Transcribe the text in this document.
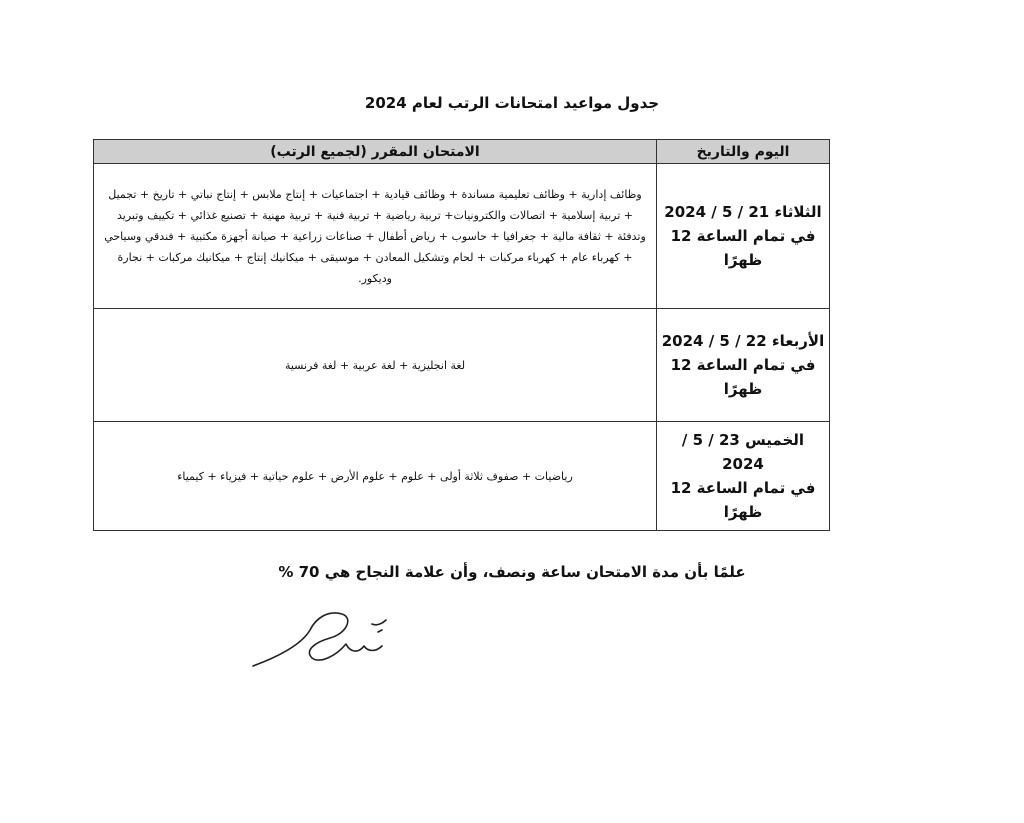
جدول مواعيد امتحانات الرتب لعام 2024
اليوم والتاريخ	الامتحان المقرر (لجميع الرتب)

الثلاثاء 21 / 5 / 2024
في تمام الساعة 12 ظهرًا	وظائف إدارية + وظائف تعليمية مساندة + وظائف قيادية + اجتماعيات + إنتاج ملابس + إنتاج نباتي + تاريخ + تجميل + تربية إسلامية + اتصالات والكترونيات+ تربية رياضية + تربية فنية + تربية مهنية + تصنيع غذائي + تكييف وتبريد وتدفئة + ثقافة مالية + جغرافيا + حاسوب + رياض أطفال + صناعات زراعية + صيانة أجهزة مكتبية + فندقي وسياحي + كهرباء عام + كهرباء مركبات + لحام وتشكيل المعادن + موسيقى + ميكانيك إنتاج + ميكانيك مركبات + نجارة وديكور.

الأربعاء 22 / 5 / 2024
في تمام الساعة 12 ظهرًا	لغة انجليزية + لغة عربية + لغة فرنسية

الخميس 23 / 5 / 2024
في تمام الساعة 12 ظهرًا	رياضيات + صفوف ثلاثة أولى + علوم + علوم الأرض + علوم حياتية + فيزياء + كيمياء
علمًا بأن مدة الامتحان ساعة ونصف، وأن علامة النجاح هي 70 %
